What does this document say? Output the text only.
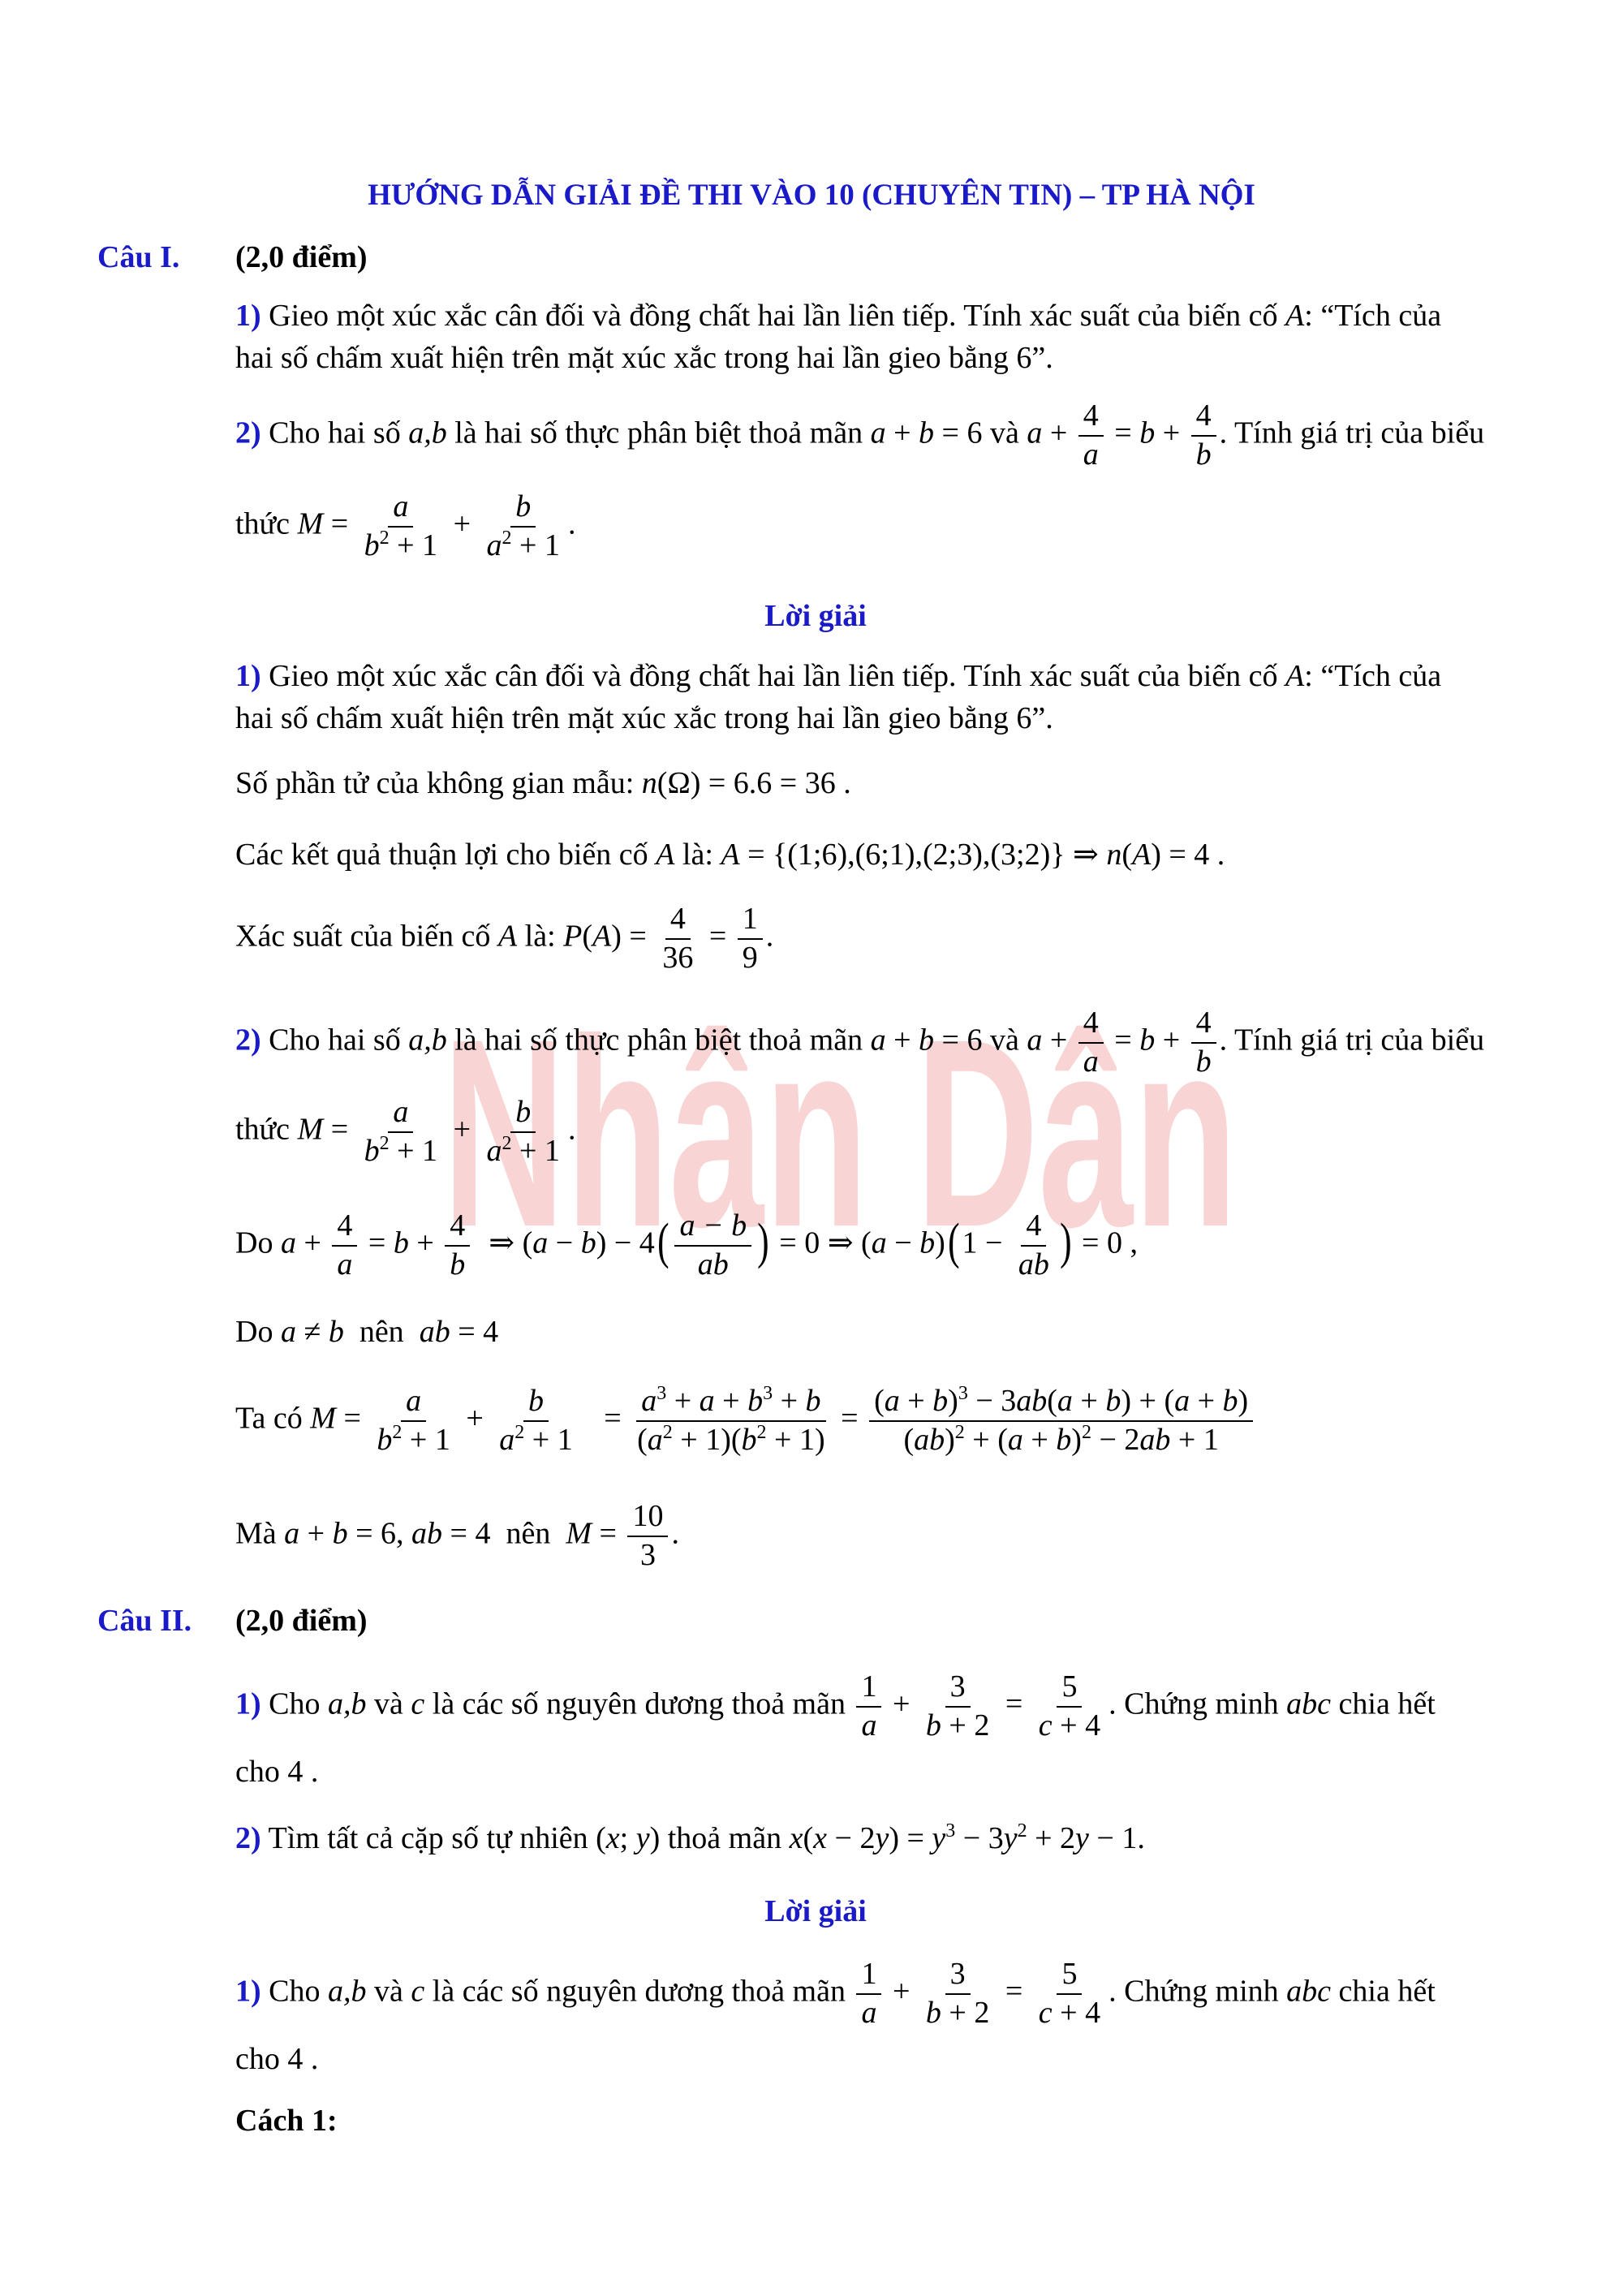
Nhân Dân
HƯỚNG DẪN GIẢI ĐỀ THI VÀO 10 (CHUYÊN TIN) – TP HÀ NỘI
Câu I. (2,0 điểm)
1) Gieo một xúc xắc cân đối và đồng chất hai lần liên tiếp. Tính xác suất của biến cố A: “Tích của
hai số chấm xuất hiện trên mặt xúc xắc trong hai lần gieo bằng 6”.
2) Cho hai số a,b là hai số thực phân biệt thoả mãn a + b = 6 và $a + \frac{4}{a} = b + \frac{4}{b}$ . Tính giá trị của biểu
thức $M = \frac{a}{b^2 + 1} + \frac{b}{a^2 + 1}$ .
Lời giải
1) Gieo một xúc xắc cân đối và đồng chất hai lần liên tiếp. Tính xác suất của biến cố A: “Tích của
hai số chấm xuất hiện trên mặt xúc xắc trong hai lần gieo bằng 6”.
Số phần tử của không gian mẫu: n(Ω) = 6.6 = 36 .
Các kết quả thuận lợi cho biến cố A là: A = {(1;6),(6;1),(2;3),(3;2)} ⇒ n(A) = 4 .
Xác suất của biến cố A là: $P(A) = \frac{4}{36} = \frac{1}{9}$ .
2) Cho hai số a,b là hai số thực phân biệt thoả mãn a + b = 6 và $a + \frac{4}{a} = b + \frac{4}{b}$ . Tính giá trị của biểu
thức $M = \frac{a}{b^2 + 1} + \frac{b}{a^2 + 1}$ .
Do $a + \frac{4}{a} = b + \frac{4}{b}$ ⇒ $(a - b) - 4( \frac{a - b}{ab}$ ) = 0 ⇒ $(a - b)(1 - \frac{4}{ab}$ ) = 0 ,
Do a ≠ b nên ab = 4
Ta có $M = \frac{a}{b^2 + 1} + \frac{b}{a^2 + 1} = \frac{a^3 + a + b^3 + b}{(a^2 + 1)(b^2 + 1)} = \frac{(a + b)^3 - 3ab(a + b) + (a + b)}{(ab)^2 + (a + b)^2 - 2ab + 1}$
Mà a + b = 6, ab = 4  nên $M = \frac{10}{3}$ .
Câu II. (2,0 điểm)
1) Cho a,b và c là các số nguyên dương thoả mãn $\frac{1}{a} + \frac{3}{b + 2} = \frac{5}{c + 4}$ . Chứng minh abc chia hết
cho 4 .
2) Tìm tất cả cặp số tự nhiên (x; y) thoả mãn $x(x - 2y) = y^3 - 3y^2 + 2y - 1$.
Lời giải
1) Cho a,b và c là các số nguyên dương thoả mãn $\frac{1}{a} + \frac{3}{b + 2} = \frac{5}{c + 4}$ . Chứng minh abc chia hết
cho 4 .
Cách 1:
